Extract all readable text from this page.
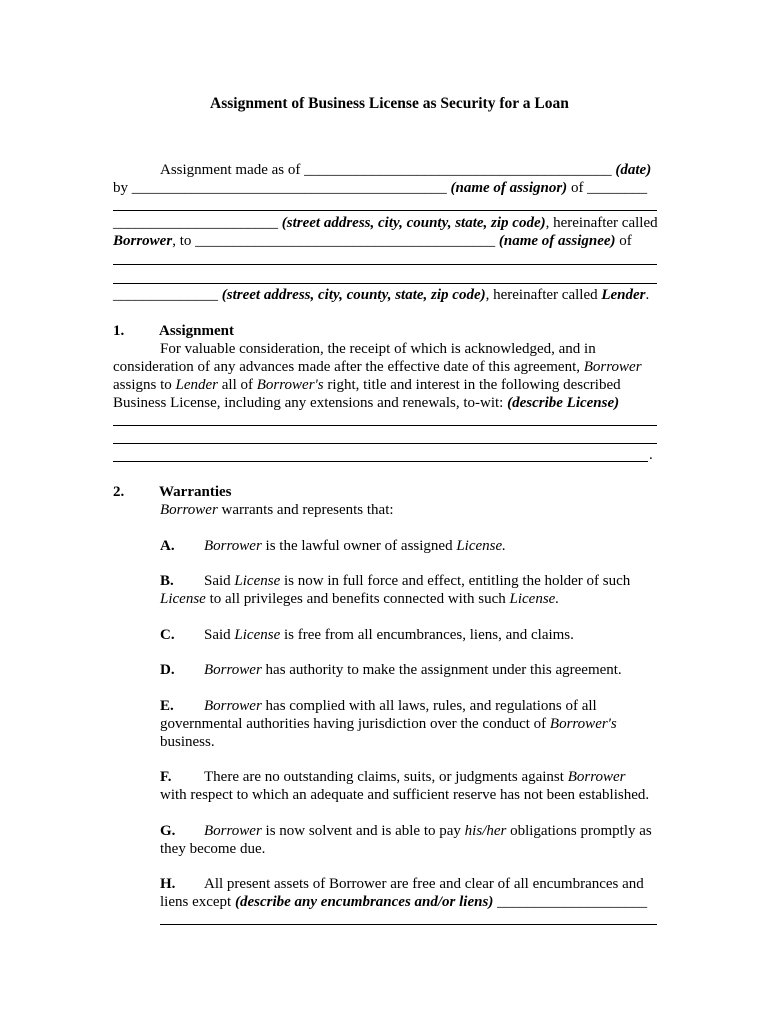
Assignment of Business License as Security for a Loan
Assignment made as of _________________________________________ (date)
by __________________________________________ (name of assignor) of ________
______________________ (street address, city, county, state, zip code), hereinafter called
Borrower, to ________________________________________ (name of assignee) of
______________ (street address, city, county, state, zip code), hereinafter called Lender.
1. Assignment
For valuable consideration, the receipt of which is acknowledged, and in
consideration of any advances made after the effective date of this agreement, Borrower
assigns to Lender all of Borrower's right, title and interest in the following described
Business License, including any extensions and renewals, to-wit: (describe License)
.
2. Warranties
Borrower warrants and represents that:
A. Borrower is the lawful owner of assigned License.
B. Said License is now in full force and effect, entitling the holder of such
License to all privileges and benefits connected with such License.
C. Said License is free from all encumbrances, liens, and claims.
D. Borrower has authority to make the assignment under this agreement.
E. Borrower has complied with all laws, rules, and regulations of all
governmental authorities having jurisdiction over the conduct of Borrower's
business.
F. There are no outstanding claims, suits, or judgments against Borrower
with respect to which an adequate and sufficient reserve has not been established.
G. Borrower is now solvent and is able to pay his/her obligations promptly as
they become due.
H. All present assets of Borrower are free and clear of all encumbrances and
liens except (describe any encumbrances and/or liens) ____________________
